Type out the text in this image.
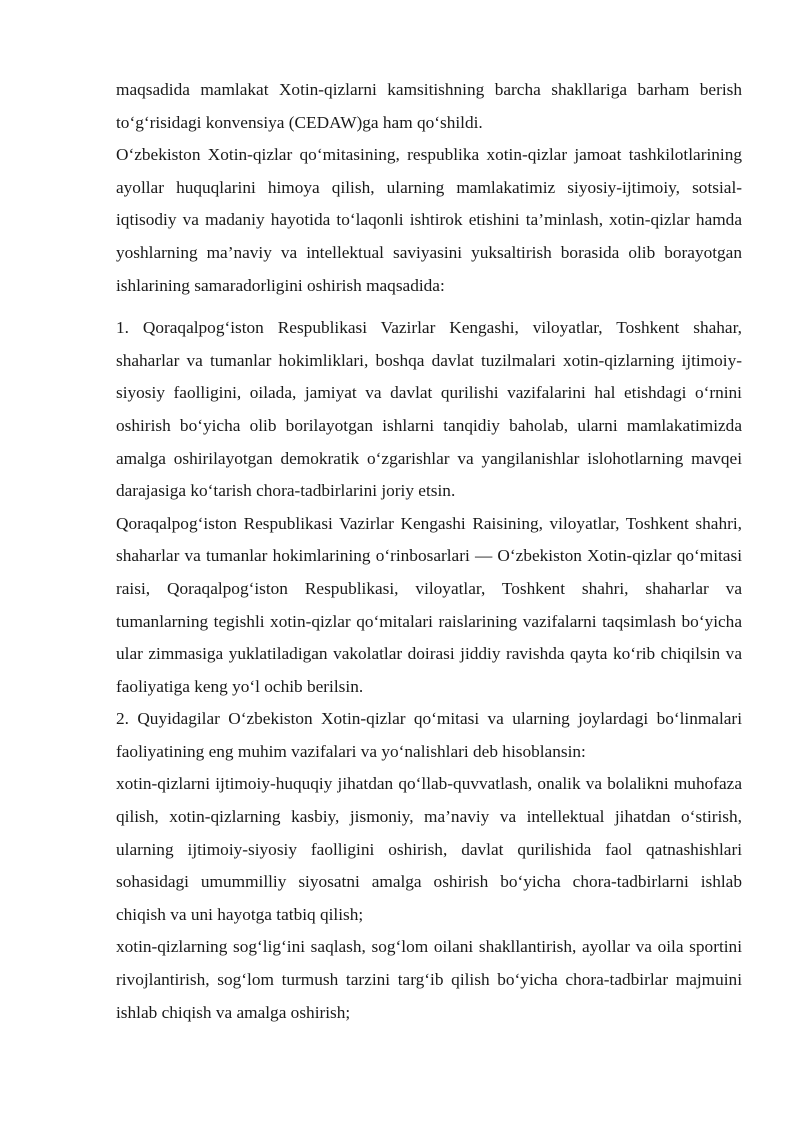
maqsadida mamlakat Xotin-qizlarni kamsitishning barcha shakllariga barham berish to‘g‘risidagi konvensiya (CEDAW)ga ham qo‘shildi.

O‘zbekiston Xotin-qizlar qo‘mitasining, respublika xotin-qizlar jamoat tashkilotlarining ayollar huquqlarini himoya qilish, ularning mamlakatimiz siyosiy-ijtimoiy, sotsial-iqtisodiy va madaniy hayotida to‘laqonli ishtirok etishini ta’minlash, xotin-qizlar hamda yoshlarning ma’naviy va intellektual saviyasini yuksaltirish borasida olib borayotgan ishlarining samaradorligini oshirish maqsadida:

1. Qoraqalpog‘iston Respublikasi Vazirlar Kengashi, viloyatlar, Toshkent shahar, shaharlar va tumanlar hokimliklari, boshqa davlat tuzilmalari xotin-qizlarning ijtimoiy-siyosiy faolligini, oilada, jamiyat va davlat qurilishi vazifalarini hal etishdagi o‘rnini oshirish bo‘yicha olib borilayotgan ishlarni tanqidiy baholab, ularni mamlakatimizda amalga oshirilayotgan demokratik o‘zgarishlar va yangilanishlar islohotlarning mavqei darajasiga ko‘tarish chora-tadbirlarini joriy etsin.

Qoraqalpog‘iston Respublikasi Vazirlar Kengashi Raisining, viloyatlar, Toshkent shahri, shaharlar va tumanlar hokimlarining o‘rinbosarlari — O‘zbekiston Xotin-qizlar qo‘mitasi raisi, Qoraqalpog‘iston Respublikasi, viloyatlar, Toshkent shahri, shaharlar va tumanlarning tegishli xotin-qizlar qo‘mitalari raislarining vazifalarni taqsimlash bo‘yicha ular zimmasiga yuklatiladigan vakolatlar doirasi jiddiy ravishda qayta ko‘rib chiqilsin va faoliyatiga keng yo‘l ochib berilsin.

2. Quyidagilar O‘zbekiston Xotin-qizlar qo‘mitasi va ularning joylardagi bo‘linmalari faoliyatining eng muhim vazifalari va yo‘nalishlari deb hisoblansin:

xotin-qizlarni ijtimoiy-huquqiy jihatdan qo‘llab-quvvatlash, onalik va bolalikni muhofaza qilish, xotin-qizlarning kasbiy, jismoniy, ma’naviy va intellektual jihatdan o‘stirish, ularning ijtimoiy-siyosiy faolligini oshirish, davlat qurilishida faol qatnashishlari sohasidagi umummilliy siyosatni amalga oshirish bo‘yicha chora-tadbirlarni ishlab chiqish va uni hayotga tatbiq qilish;

xotin-qizlarning sog‘lig‘ini saqlash, sog‘lom oilani shakllantirish, ayollar va oila sportini rivojlantirish, sog‘lom turmush tarzini targ‘ib qilish bo‘yicha chora-tadbirlar majmuini ishlab chiqish va amalga oshirish;
